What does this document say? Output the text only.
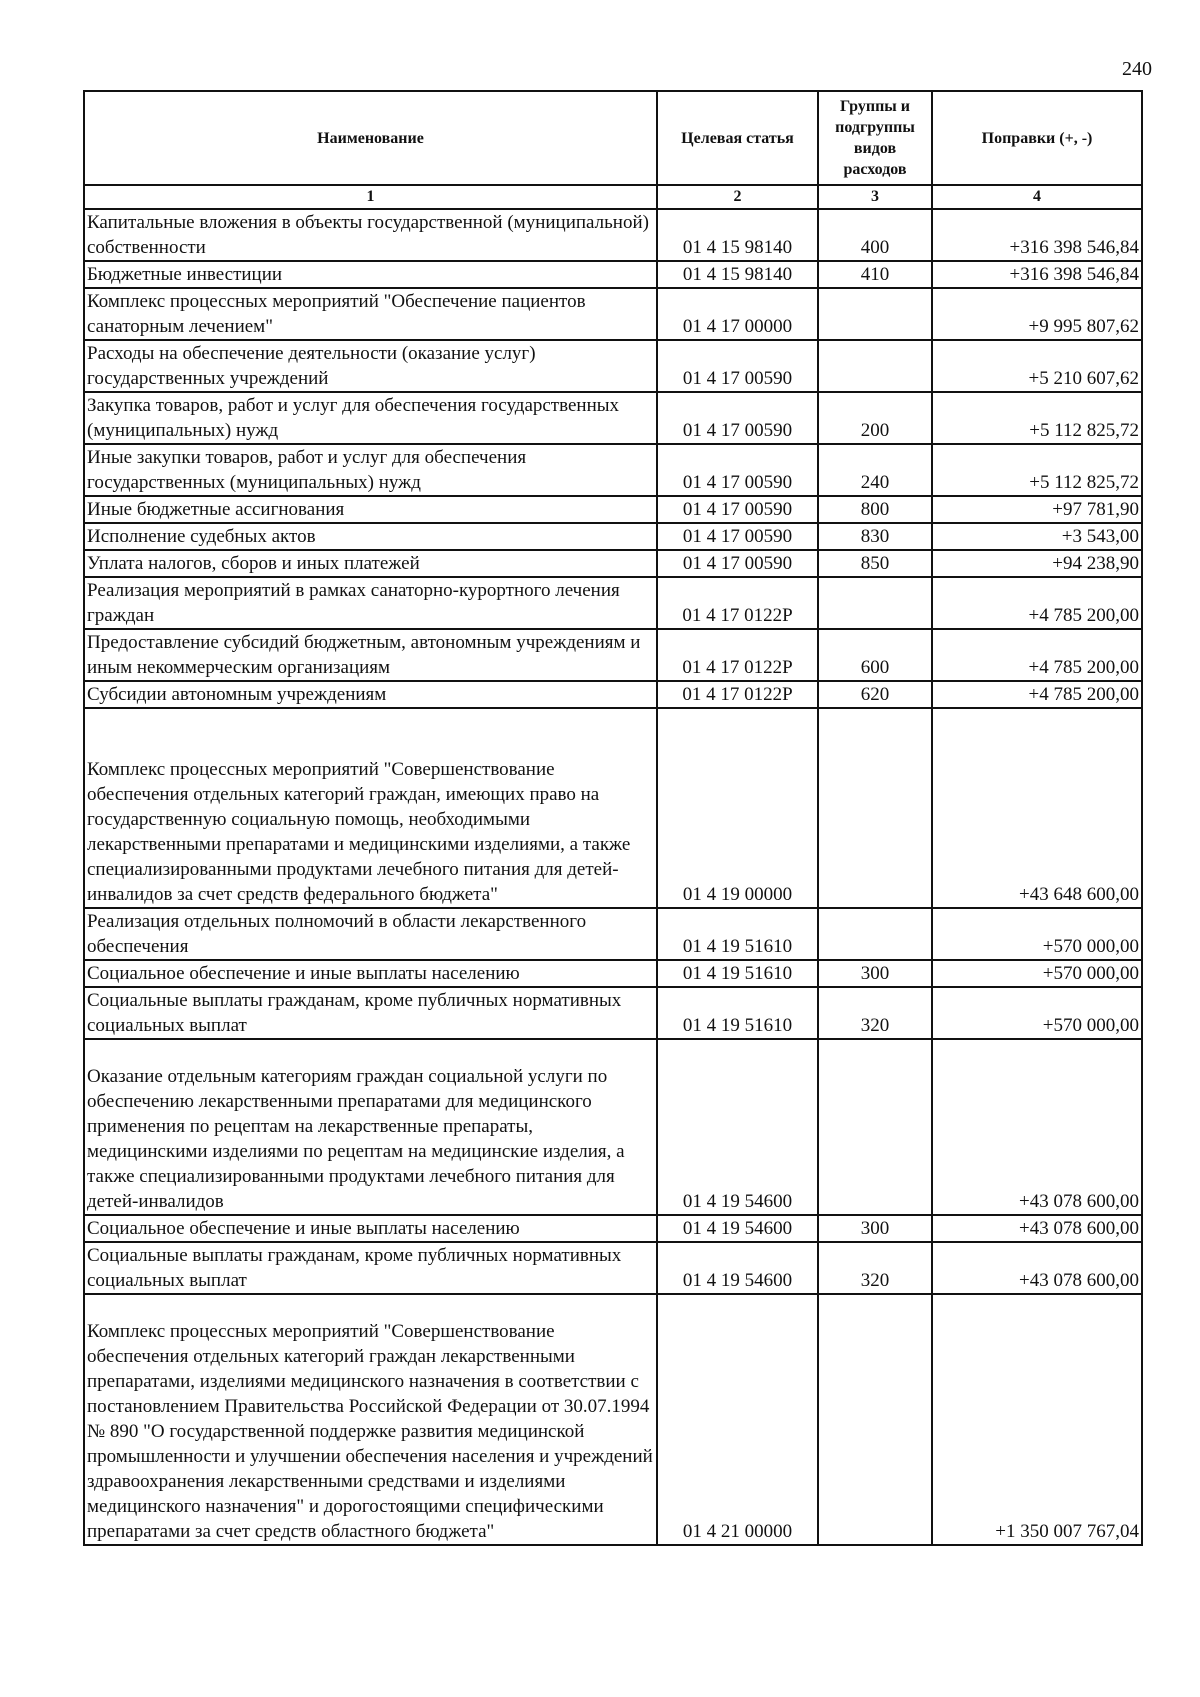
240
Наименование	Целевая статья	Группы и подгруппы видов расходов	Поправки (+, -)
1	2	3	4
Капитальные вложения в объекты государственной (муниципальной) собственности	01 4 15 98140	400	+316 398 546,84
Бюджетные инвестиции	01 4 15 98140	410	+316 398 546,84
Комплекс процессных мероприятий "Обеспечение пациентов санаторным лечением"	01 4 17 00000		+9 995 807,62
Расходы на обеспечение деятельности (оказание услуг) государственных учреждений	01 4 17 00590		+5 210 607,62
Закупка товаров, работ и услуг для обеспечения государственных (муниципальных) нужд	01 4 17 00590	200	+5 112 825,72
Иные закупки товаров, работ и услуг для обеспечения государственных (муниципальных) нужд	01 4 17 00590	240	+5 112 825,72
Иные бюджетные ассигнования	01 4 17 00590	800	+97 781,90
Исполнение судебных актов	01 4 17 00590	830	+3 543,00
Уплата налогов, сборов и иных платежей	01 4 17 00590	850	+94 238,90
Реализация мероприятий в рамках санаторно-курортного лечения граждан	01 4 17 0122Р		+4 785 200,00
Предоставление субсидий бюджетным, автономным учреждениям и иным некоммерческим организациям	01 4 17 0122Р	600	+4 785 200,00
Субсидии автономным учреждениям	01 4 17 0122Р	620	+4 785 200,00
Комплекс процессных мероприятий "Совершенствование обеспечения отдельных категорий граждан, имеющих право на государственную социальную помощь, необходимыми лекарственными препаратами и медицинскими изделиями, а также специализированными продуктами лечебного питания для детей-инвалидов за счет средств федерального бюджета"	01 4 19 00000		+43 648 600,00
Реализация отдельных полномочий в области лекарственного обеспечения	01 4 19 51610		+570 000,00
Социальное обеспечение и иные выплаты населению	01 4 19 51610	300	+570 000,00
Социальные выплаты гражданам, кроме публичных нормативных социальных выплат	01 4 19 51610	320	+570 000,00
Оказание отдельным категориям граждан социальной услуги по обеспечению лекарственными препаратами для медицинского применения по рецептам на лекарственные препараты, медицинскими изделиями по рецептам на медицинские изделия, а также специализированными продуктами лечебного питания для детей-инвалидов	01 4 19 54600		+43 078 600,00
Социальное обеспечение и иные выплаты населению	01 4 19 54600	300	+43 078 600,00
Социальные выплаты гражданам, кроме публичных нормативных социальных выплат	01 4 19 54600	320	+43 078 600,00
Комплекс процессных мероприятий "Совершенствование обеспечения отдельных категорий граждан лекарственными препаратами, изделиями медицинского назначения в соответствии с постановлением Правительства Российской Федерации от 30.07.1994 № 890 "О государственной поддержке развития медицинской промышленности и улучшении обеспечения населения и учреждений здравоохранения лекарственными средствами и изделиями медицинского назначения" и дорогостоящими специфическими препаратами за счет средств областного бюджета"	01 4 21 00000		+1 350 007 767,04
